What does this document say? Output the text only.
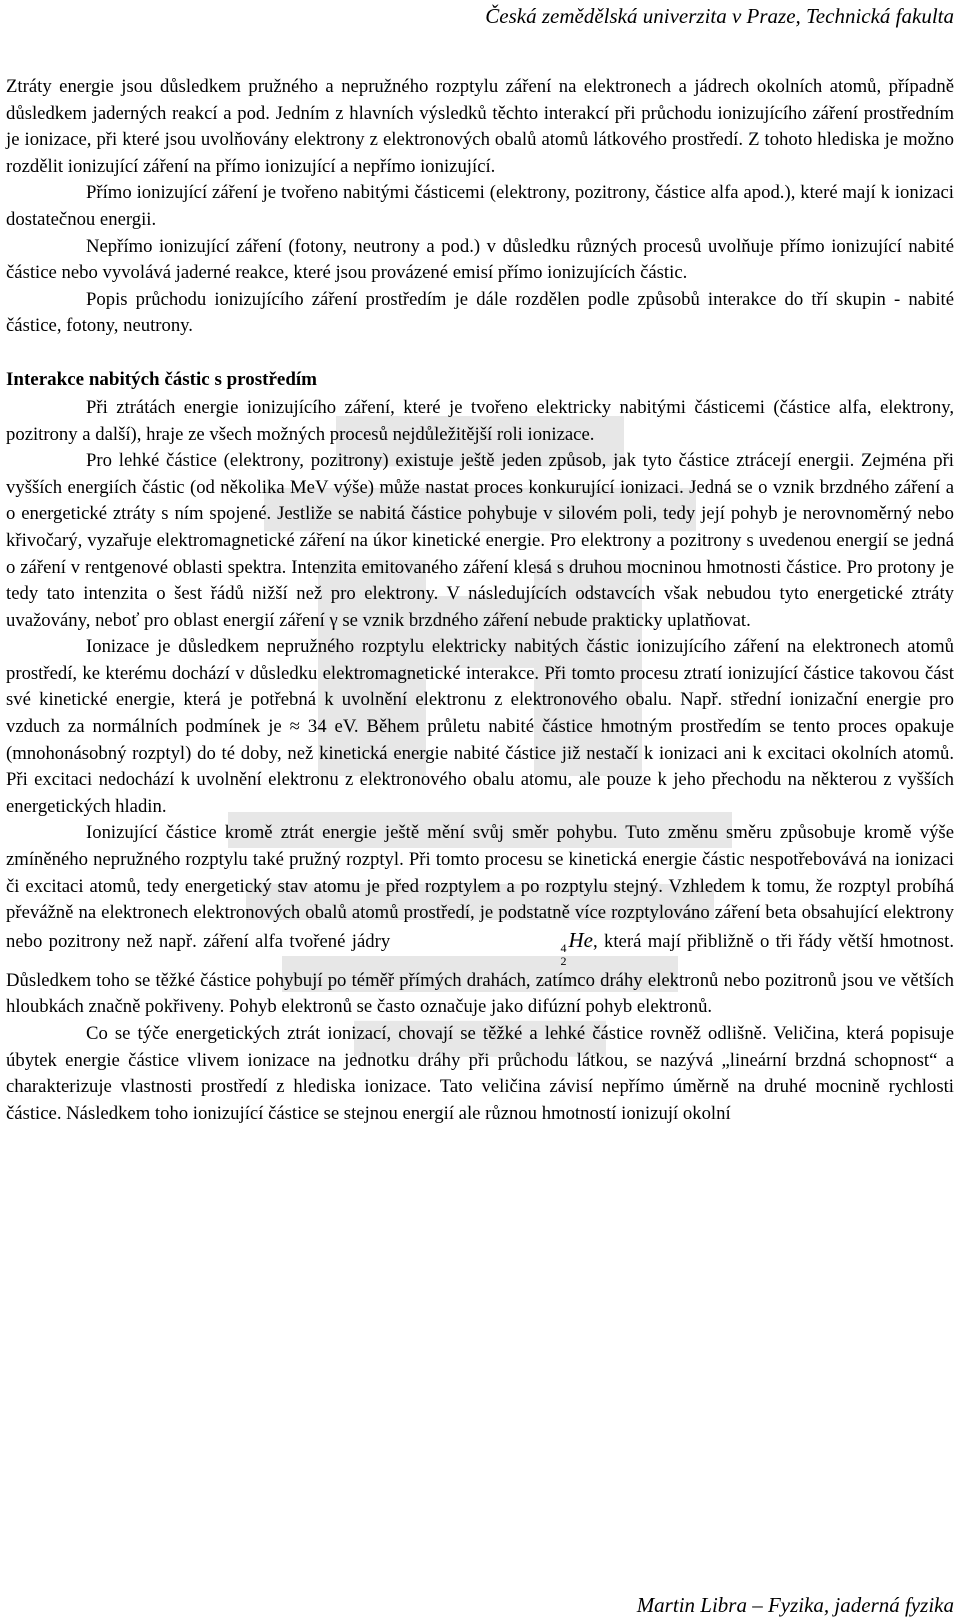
Česká zemědělská univerzita v Praze, Technická fakulta

Ztráty energie jsou důsledkem pružného a nepružného rozptylu záření na elektronech a jádrech okolních atomů, případně důsledkem jaderných reakcí a pod. Jedním z hlavních výsledků těchto interakcí při průchodu ionizujícího záření prostředním je ionizace, při které jsou uvolňovány elektrony z elektronových obalů atomů látkového prostředí. Z tohoto hlediska je možno rozdělit ionizující záření na přímo ionizující a nepřímo ionizující.

Přímo ionizující záření je tvořeno nabitými částicemi (elektrony, pozitrony, částice alfa apod.), které mají k ionizaci dostatečnou energii.

Nepřímo ionizující záření (fotony, neutrony a pod.) v důsledku různých procesů uvolňuje přímo ionizující nabité částice nebo vyvolává jaderné reakce, které jsou provázené emisí přímo ionizujících částic.

Popis průchodu ionizujícího záření prostředím je dále rozdělen podle způsobů interakce do tří skupin - nabité částice, fotony, neutrony.

Interakce nabitých částic s prostředím

Při ztrátách energie ionizujícího záření, které je tvořeno elektricky nabitými částicemi (částice alfa, elektrony, pozitrony a další), hraje ze všech možných procesů nejdůležitější roli ionizace.

Pro lehké částice (elektrony, pozitrony) existuje ještě jeden způsob, jak tyto částice ztrácejí energii. Zejména při vyšších energiích částic (od několika MeV výše) může nastat proces konkurující ionizaci. Jedná se o vznik brzdného záření a o energetické ztráty s ním spojené. Jestliže se nabitá částice pohybuje v silovém poli, tedy její pohyb je nerovnoměrný nebo křivočarý, vyzařuje elektromagnetické záření na úkor kinetické energie. Pro elektrony a pozitrony s uvedenou energií se jedná o záření v rentgenové oblasti spektra. Intenzita emitovaného záření klesá s druhou mocninou hmotnosti částice. Pro protony je tedy tato intenzita o šest řádů nižší než pro elektrony. V následujících odstavcích však nebudou tyto energetické ztráty uvažovány, neboť pro oblast energií záření γ se vznik brzdného záření nebude prakticky uplatňovat.

Ionizace je důsledkem nepružného rozptylu elektricky nabitých částic ionizujícího záření na elektronech atomů prostředí, ke kterému dochází v důsledku elektromagnetické interakce. Při tomto procesu ztratí ionizující částice takovou část své kinetické energie, která je potřebná k uvolnění elektronu z elektronového obalu. Např. střední ionizační energie pro vzduch za normálních podmínek je ≈ 34 eV. Během průletu nabité částice hmotným prostředím se tento proces opakuje (mnohonásobný rozptyl) do té doby, než kinetická energie nabité částice již nestačí k ionizaci ani k excitaci okolních atomů. Při excitaci nedochází k uvolnění elektronu z elektronového obalu atomu, ale pouze k jeho přechodu na některou z vyšších energetických hladin.

Ionizující částice kromě ztrát energie ještě mění svůj směr pohybu. Tuto změnu směru způsobuje kromě výše zmíněného nepružného rozptylu také pružný rozptyl. Při tomto procesu se kinetická energie částic nespotřebovává na ionizaci či excitaci atomů, tedy energetický stav atomu je před rozptylem a po rozptylu stejný. Vzhledem k tomu, že rozptyl probíhá převážně na elektronech elektronových obalů atomů prostředí, je podstatně více rozptylováno záření beta obsahující elektrony nebo pozitrony než např. záření alfa tvořené jádry	4
2
He, která mají přibližně o tři řády větší hmotnost. Důsledkem toho se těžké částice pohybují po téměř přímých drahách, zatímco dráhy elektronů nebo pozitronů jsou ve větších hloubkách značně pokřiveny. Pohyb elektronů se často označuje jako difúzní pohyb elektronů.

Co se týče energetických ztrát ionizací, chovají se těžké a lehké částice rovněž odlišně. Veličina, která popisuje úbytek energie částice vlivem ionizace na jednotku dráhy při průchodu látkou, se nazývá „lineární brzdná schopnost“ a charakterizuje vlastnosti prostředí z hlediska ionizace. Tato veličina závisí nepřímo úměrně na druhé mocnině rychlosti částice. Následkem toho ionizující částice se stejnou energií ale různou hmotností ionizují okolní

Martin Libra – Fyzika, jaderná fyzika
